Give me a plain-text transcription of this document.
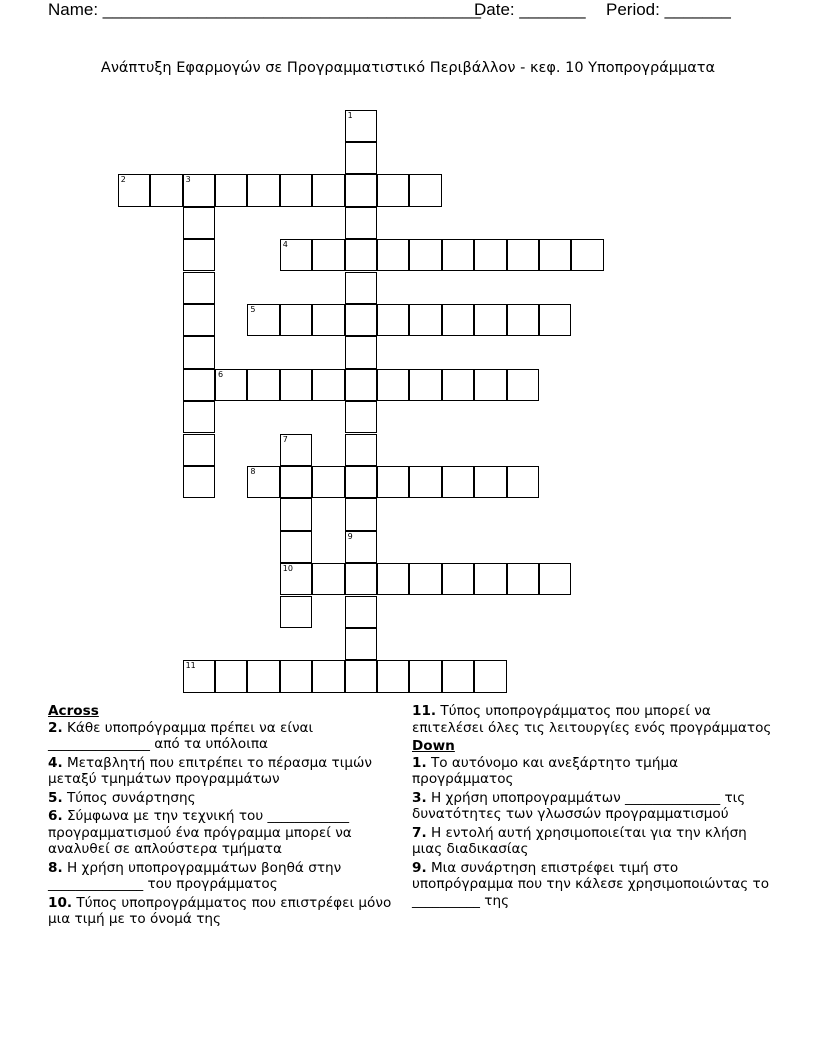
Name: ________________________________________
Date: _______ Period: _______
Ανάπτυξη Εφαρμογών σε Προγραμματιστικό Περιβάλλον - κεφ. 10 Υποπρογράμματα
1
2	3
4
5
6
7
10
8
9
11
Across
2. Κάθε υποπρόγραμμα πρέπει να είναι _______________ από τα υπόλοιπα
4. Μεταβλητή που επιτρέπει το πέρασμα τιμών μεταξύ τμημάτων προγραμμάτων
5. Τύπος συνάρτησης
6. Σύμφωνα με την τεχνική του ____________ προγραμματισμού ένα πρόγραμμα μπορεί να αναλυθεί σε απλούστερα τμήματα
8. Η χρήση υποπρογραμμάτων βοηθά στην ______________ του προγράμματος
10. Τύπος υποπρογράμματος που επιστρέφει μόνο μια τιμή με το όνομά της
11. Τύπος υποπρογράμματος που μπορεί να επιτελέσει όλες τις λειτουργίες ενός προγράμματος
Down
1. Το αυτόνομο και ανεξάρτητο τμήμα προγράμματος
3. Η χρήση υποπρογραμμάτων ______________ τις δυνατότητες των γλωσσών προγραμματισμού
7. Η εντολή αυτή χρησιμοποιείται για την κλήση μιας διαδικασίας
9. Μια συνάρτηση επιστρέφει τιμή στο υποπρόγραμμα που την κάλεσε χρησιμοποιώντας το __________ της
